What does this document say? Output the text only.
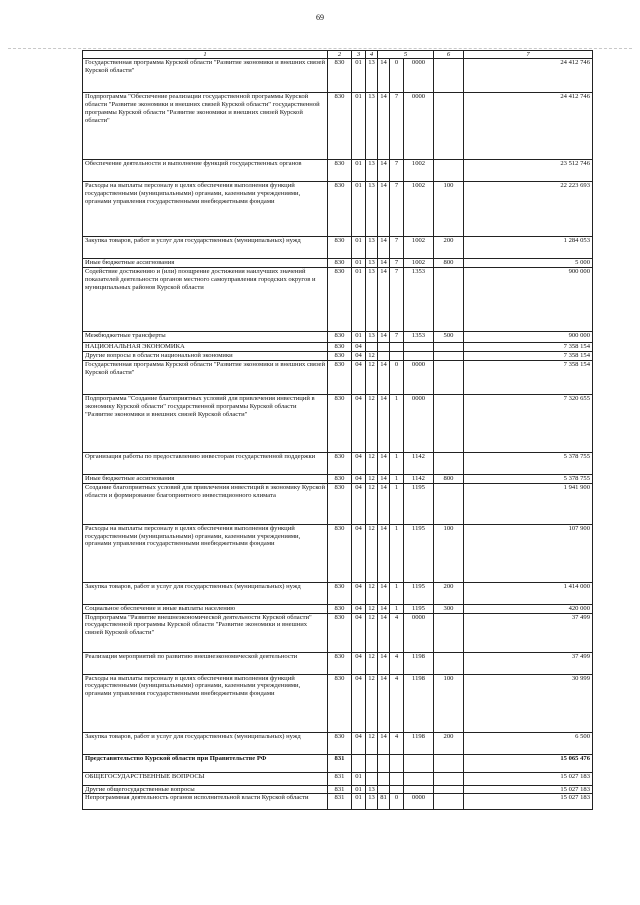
69
1	2	3	4	5			6	7
Государственная программа Курской области "Развитие экономики и внешних связей Курской области"	830	01	13	14	0	0000		24 412 746
Подпрограмма "Обеспечение реализации государственной программы Курской области "Развитие экономики и внешних связей Курской области" государственной программы Курской области "Развитие экономики и внешних связей Курской области"	830	01	13	14	7	0000		24 412 746
Обеспечение деятельности и выполнение функций государственных органов	830	01	13	14	7	1002		23 512 746
Расходы на выплаты персоналу в целях обеспечения выполнения функций государственными (муниципальными) органами, казенными учреждениями, органами управления государственными внебюджетными фондами	830	01	13	14	7	1002	100	22 223 693
Закупка товаров, работ и услуг для государственных (муниципальных) нужд	830	01	13	14	7	1002	200	1 284 053
Иные бюджетные ассигнования	830	01	13	14	7	1002	800	5 000
Содействие достижению и (или) поощрение достижения наилучших значений показателей деятельности органов местного самоуправления городских округов и муниципальных районов Курской области	830	01	13	14	7	1353		900 000
Межбюджетные трансферты	830	01	13	14	7	1353	500	900 000
НАЦИОНАЛЬНАЯ ЭКОНОМИКА	830	04						7 358 154
Другие вопросы в области национальной экономики	830	04	12					7 358 154
Государственная программа Курской области "Развитие экономики и внешних связей Курской области"	830	04	12	14	0	0000		7 358 154
Подпрограмма "Создание благоприятных условий для привлечения инвестиций в экономику Курской области" государственной программы Курской области "Развитие экономики и внешних связей Курской области"	830	04	12	14	1	0000		7 320 655
Организация работы по предоставлению инвесторам государственной поддержки	830	04	12	14	1	1142		5 378 755
Иные бюджетные ассигнования	830	04	12	14	1	1142	800	5 378 755
Создание благоприятных условий для привлечения инвестиций в экономику Курской области и формирование благоприятного инвестиционного климата	830	04	12	14	1	1195		1 941 900
Расходы на выплаты персоналу в целях обеспечения выполнения функций государственными (муниципальными) органами, казенными учреждениями, органами управления государственными внебюджетными фондами	830	04	12	14	1	1195	100	107 900
Закупка товаров, работ и услуг для государственных (муниципальных) нужд	830	04	12	14	1	1195	200	1 414 000
Социальное обеспечение и иные выплаты населению	830	04	12	14	1	1195	300	420 000
Подпрограмма "Развитие внешнеэкономической деятельности Курской области" государственной программы Курской области "Развитие экономики и внешних связей Курской области"	830	04	12	14	4	0000		37 499
Реализация мероприятий по развитию внешнеэкономической деятельности	830	04	12	14	4	1198		37 499
Расходы на выплаты персоналу в целях обеспечения выполнения функций государственными (муниципальными) органами, казенными учреждениями, органами управления государственными внебюджетными фондами	830	04	12	14	4	1198	100	30 999
Закупка товаров, работ и услуг для государственных (муниципальных) нужд	830	04	12	14	4	1198	200	6 500
Представительство Курской области при Правительстве РФ	831							15 065 476
ОБЩЕГОСУДАРСТВЕННЫЕ ВОПРОСЫ	831	01						15 027 183
Другие общегосударственные вопросы	831	01	13					15 027 183
Непрограммная деятельность органов исполнительной власти Курской области	831	01	13	81	0	0000		15 027 183
